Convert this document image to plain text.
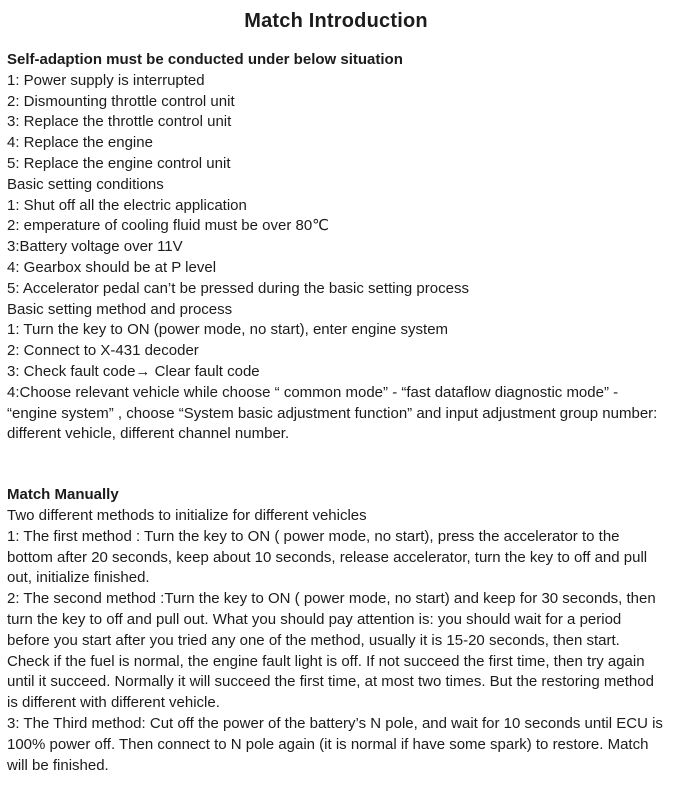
Match Introduction

Self-adaption must be conducted under below situation

1: Power supply is interrupted

2: Dismounting throttle control unit

3: Replace the throttle control unit

4: Replace the engine

5: Replace the engine control unit

Basic setting conditions

1: Shut off all the electric application

2: emperature of cooling fluid must be over 80℃

3:Battery voltage over 11V

4: Gearbox should be at P level

5: Accelerator pedal can’t be pressed during the basic setting process

Basic setting method and process

1: Turn the key to ON (power mode, no start), enter engine system

2: Connect to X-431 decoder

3: Check fault code→ Clear fault code

4:Choose relevant vehicle while choose “ common mode” - “fast dataflow diagnostic mode” - “engine system” , choose “System basic adjustment function” and input adjustment group number: different vehicle, different channel number.

Match Manually

Two different methods to initialize for different vehicles

1: The first method : Turn the key to ON ( power mode, no start), press the accelerator to the bottom after 20 seconds, keep about 10 seconds, release accelerator, turn the key to off and pull out, initialize finished.

2: The second method :Turn the key to ON ( power mode, no start) and keep for 30 seconds, then turn the key to off and pull out. What you should pay attention is: you should wait for a period before you start after you tried any one of the method, usually it is 15-20 seconds, then start. Check if the fuel is normal, the engine fault light is off. If not succeed the first time, then try again until it succeed. Normally it will succeed the first time, at most two times. But the restoring method is different with different vehicle.

3: The Third method: Cut off the power of the battery’s N pole, and wait for 10 seconds until ECU is 100% power off. Then connect to N pole again (it is normal if have some spark) to restore. Match will be finished.
